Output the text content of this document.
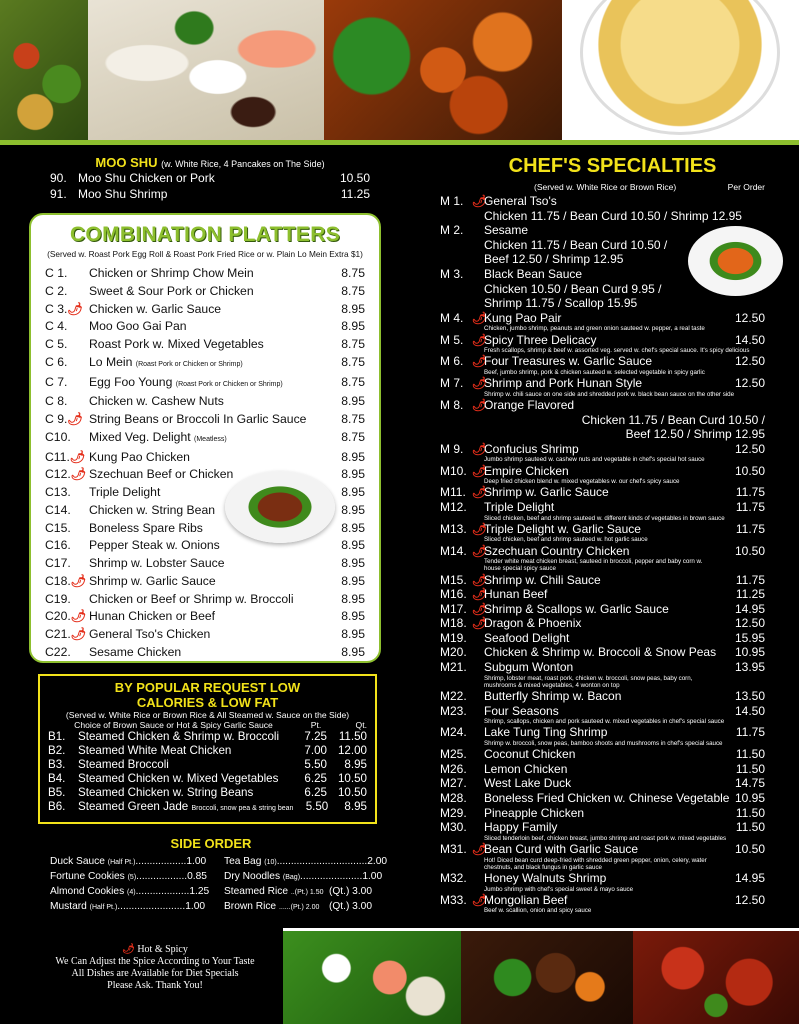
MOO SHU (w. White Rice, 4 Pancakes on The Side)
90. Moo Shu Chicken or Pork	10.50
91. Moo Shu Shrimp	11.25
COMBINATION PLATTERS
(Served w. Roast Pork Egg Roll & Roast Pork Fried Rice or w. Plain Lo Mein Extra $1)
C 1.	Chicken or Shrimp Chow Mein	8.75
C 2.	Sweet & Sour Pork or Chicken	8.75
C 3.🌶︎ Chicken w. Garlic Sauce	8.95
C 4.	Moo Goo Gai Pan	8.95
C 5.	Roast Pork w. Mixed Vegetables	8.75
C 6.	Lo Mein (Roast Pork or Chicken or Shrimp)	8.75
C 7.	Egg Foo Young (Roast Pork or Chicken or Shrimp)	8.75
C 8.	Chicken w. Cashew Nuts	8.95
C 9.🌶︎ String Beans or Broccoli In Garlic Sauce	8.75
C10.	Mixed Veg. Delight (Meatless)	8.75
C11.🌶︎ Kung Pao Chicken	8.95
C12.🌶︎ Szechuan Beef or Chicken	8.95
C13.	Triple Delight	8.95
C14.	Chicken w. String Bean	8.95
C15.	Boneless Spare Ribs	8.95
C16.	Pepper Steak w. Onions	8.95
C17.	Shrimp w. Lobster Sauce	8.95
C18.🌶︎ Shrimp w. Garlic Sauce	8.95
C19.	Chicken or Beef or Shrimp w. Broccoli	8.95
C20.🌶︎ Hunan Chicken or Beef	8.95
C21.🌶︎ General Tso's Chicken	8.95
C22.	Sesame Chicken	8.95
BY POPULAR REQUEST LOW
CALORIES & LOW FAT
(Served w. White Rice or Brown Rice & All Steamed w. Sauce on the Side)
Choice of Brown Sauce or Hot & Spicy Garlic Sauce	Pt.	Qt.
B1.	Steamed Chicken & Shrimp w. Broccoli	7.25	11.50
B2.	Steamed White Meat Chicken	7.00 12.00
B3.	Steamed Broccoli	5.50	8.95
B4.	Steamed Chicken w. Mixed Vegetables	6.25 10.50
B5.	Steamed Chicken w. String Beans	6.25 10.50
B6.	Steamed Green Jade Broccoli, snow pea & string bean	5.50	8.95
SIDE ORDER
Duck Sauce (Half Pt.).................. 1.00
Fortune Cookies (5).................. 0.85
Almond Cookies (4)................... 1.25
Mustard (Half Pt.)........................ 1.00
Tea Bag (10)................................ 2.00
Dry Noodles (Bag)...................... 1.00
Steamed Rice ..(Pt.) 1.50 (Qt.) 3.00
Brown Rice ......(Pt.) 2.00 (Qt.) 3.00
🌶︎ Hot & Spicy
We Can Adjust the Spice According to Your Taste
All Dishes are Available for Diet Specials
Please Ask. Thank You!
CHEF'S SPECIALTIES
(Served w. White Rice or Brown Rice)	Per Order
M 1. 🌶︎
General Tso's
Chicken 11.75 / Bean Curd 10.50 / Shrimp 12.95
M 2.	Sesame
Chicken 11.75 / Bean Curd 10.50 /
Beef 12.50 / Shrimp 12.95
M 3.	Black Bean Sauce
Chicken 10.50 / Bean Curd 9.95 /
Shrimp 11.75 / Scallop 15.95
M 4. 🌶︎
Kung Pao Pair	12.50
Chicken, jumbo shrimp, peanuts and green onion sauteed w. pepper, a real taste
M 5. 🌶︎
Spicy Three Delicacy	14.50
Fresh scallops, shrimp & beef w. assorted veg. served w. chef's special sauce. It's spicy delicious
M 6. 🌶︎
Four Treasures w. Garlic Sauce	12.50
Beef, jumbo shrimp, pork & chicken sauteed w. selected vegetable in spicy garlic
M 7. 🌶︎
Shrimp and Pork Hunan Style	12.50
Shrimp w. chili sauce on one side and shredded pork w. black bean sauce on the other side
M 8. 🌶︎
Orange Flavored
Chicken 11.75 / Bean Curd 10.50 /
Beef 12.50 / Shrimp 12.95
M 9. 🌶︎
Confucius Shrimp	12.50
Jumbo shrimp sauteed w. cashew nuts and vegetable in chef's special hot sauce
M10. 🌶︎
Empire Chicken	10.50
Deep fried chicken blend w. mixed vegetables w. our chef's spicy sauce
M11. 🌶︎
Shrimp w. Garlic Sauce	11.75
M12.	Triple Delight	11.75
Sliced chicken, beef and shrimp sauteed w. different kinds of vegetables in brown sauce
M13. 🌶︎
Triple Delight w. Garlic Sauce	11.75
Sliced chicken, beef and shrimp sauteed w. hot garlic sauce
M14. 🌶︎
Szechuan Country Chicken	10.50
Tender white meat chicken breast, sauteed in broccoli, pepper and baby corn w.
house special spicy sauce
M15. 🌶︎
Shrimp w. Chili Sauce	11.75
M16. 🌶︎
Hunan Beef	11.25
M17. 🌶︎
Shrimp & Scallops w. Garlic Sauce	14.95
M18. 🌶︎
Dragon & Phoenix	12.50
M19.	Seafood Delight	15.95
M20.	Chicken & Shrimp w. Broccoli & Snow Peas	10.95
M21.	Subgum Wonton	13.95
Shrimp, lobster meat, roast pork, chicken w. broccoli, snow peas, baby corn,
mushrooms & mixed vegetables, 4 wonton on top
M22.	Butterfly Shrimp w. Bacon	13.50
M23.	Four Seasons	14.50
Shrimp, scallops, chicken and pork sauteed w. mixed vegetables in chef's special sauce
M24.	Lake Tung Ting Shrimp	11.75
Shrimp w. broccoli, snow peas, bamboo shoots and mushrooms in chef's special sauce
M25.	Coconut Chicken	11.50
M26.	Lemon Chicken	11.50
M27.	West Lake Duck	14.75
M28.	Boneless Fried Chicken w. Chinese Vegetable 10.95
M29.	Pineapple Chicken	11.50
M30.	Happy Family	11.50
Sliced tenderloin beef, chicken breast, jumbo shrimp and roast pork w. mixed vegetables
M31. 🌶︎
Bean Curd with Garlic Sauce	10.50
Hot! Diced bean curd deep-fried with shredded green pepper, onion, celery, water
chestnuts, and black fungus in garlic sauce
M32.	Honey Walnuts Shrimp	14.95
Jumbo shrimp with chef's special sweet & mayo sauce
M33. 🌶︎
Mongolian Beef	12.50
Beef w. scallion, onion and spicy sauce
